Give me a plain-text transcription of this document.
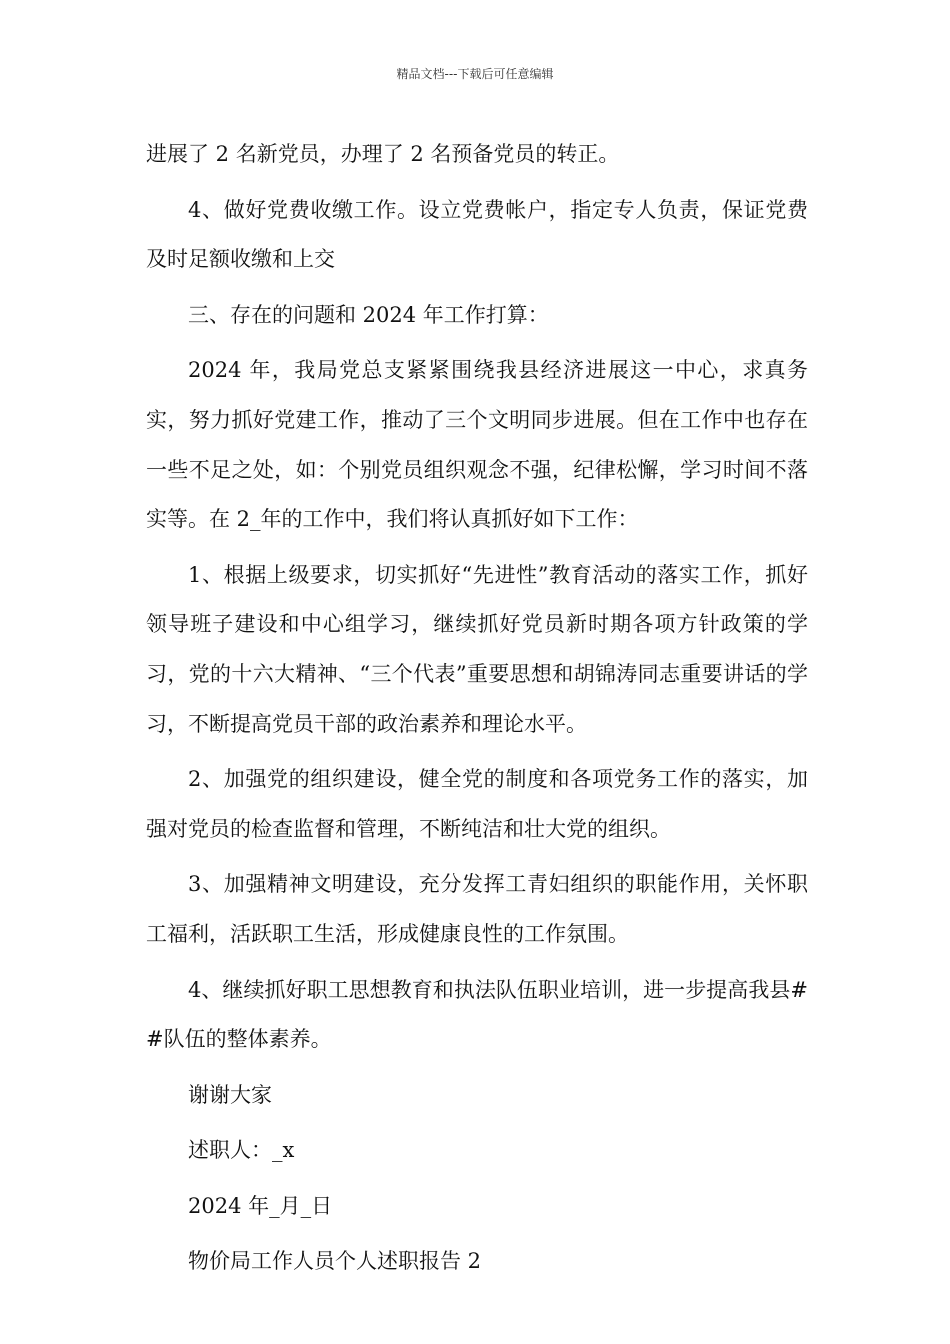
精品文档---下载后可任意编辑

进展了 2 名新党员，办理了 2 名预备党员的转正。

4、做好党费收缴工作。设立党费帐户，指定专人负责，保证党费及时足额收缴和上交

三、存在的问题和 2024 年工作打算：

2024 年，我局党总支紧紧围绕我县经济进展这一中心，求真务实，努力抓好党建工作，推动了三个文明同步进展。但在工作中也存在一些不足之处，如：个别党员组织观念不强，纪律松懈，学习时间不落实等。在 2_年的工作中，我们将认真抓好如下工作：

1、根据上级要求，切实抓好“先进性”教育活动的落实工作，抓好领导班子建设和中心组学习，继续抓好党员新时期各项方针政策的学习，党的十六大精神、“三个代表”重要思想和胡锦涛同志重要讲话的学习，不断提高党员干部的政治素养和理论水平。

2、加强党的组织建设，健全党的制度和各项党务工作的落实，加强对党员的检查监督和管理，不断纯洁和壮大党的组织。

3、加强精神文明建设，充分发挥工青妇组织的职能作用，关怀职工福利，活跃职工生活，形成健康良性的工作氛围。

4、继续抓好职工思想教育和执法队伍职业培训，进一步提高我县##队伍的整体素养。

谢谢大家

述职人：_x

2024 年_月_日

物价局工作人员个人述职报告 2
